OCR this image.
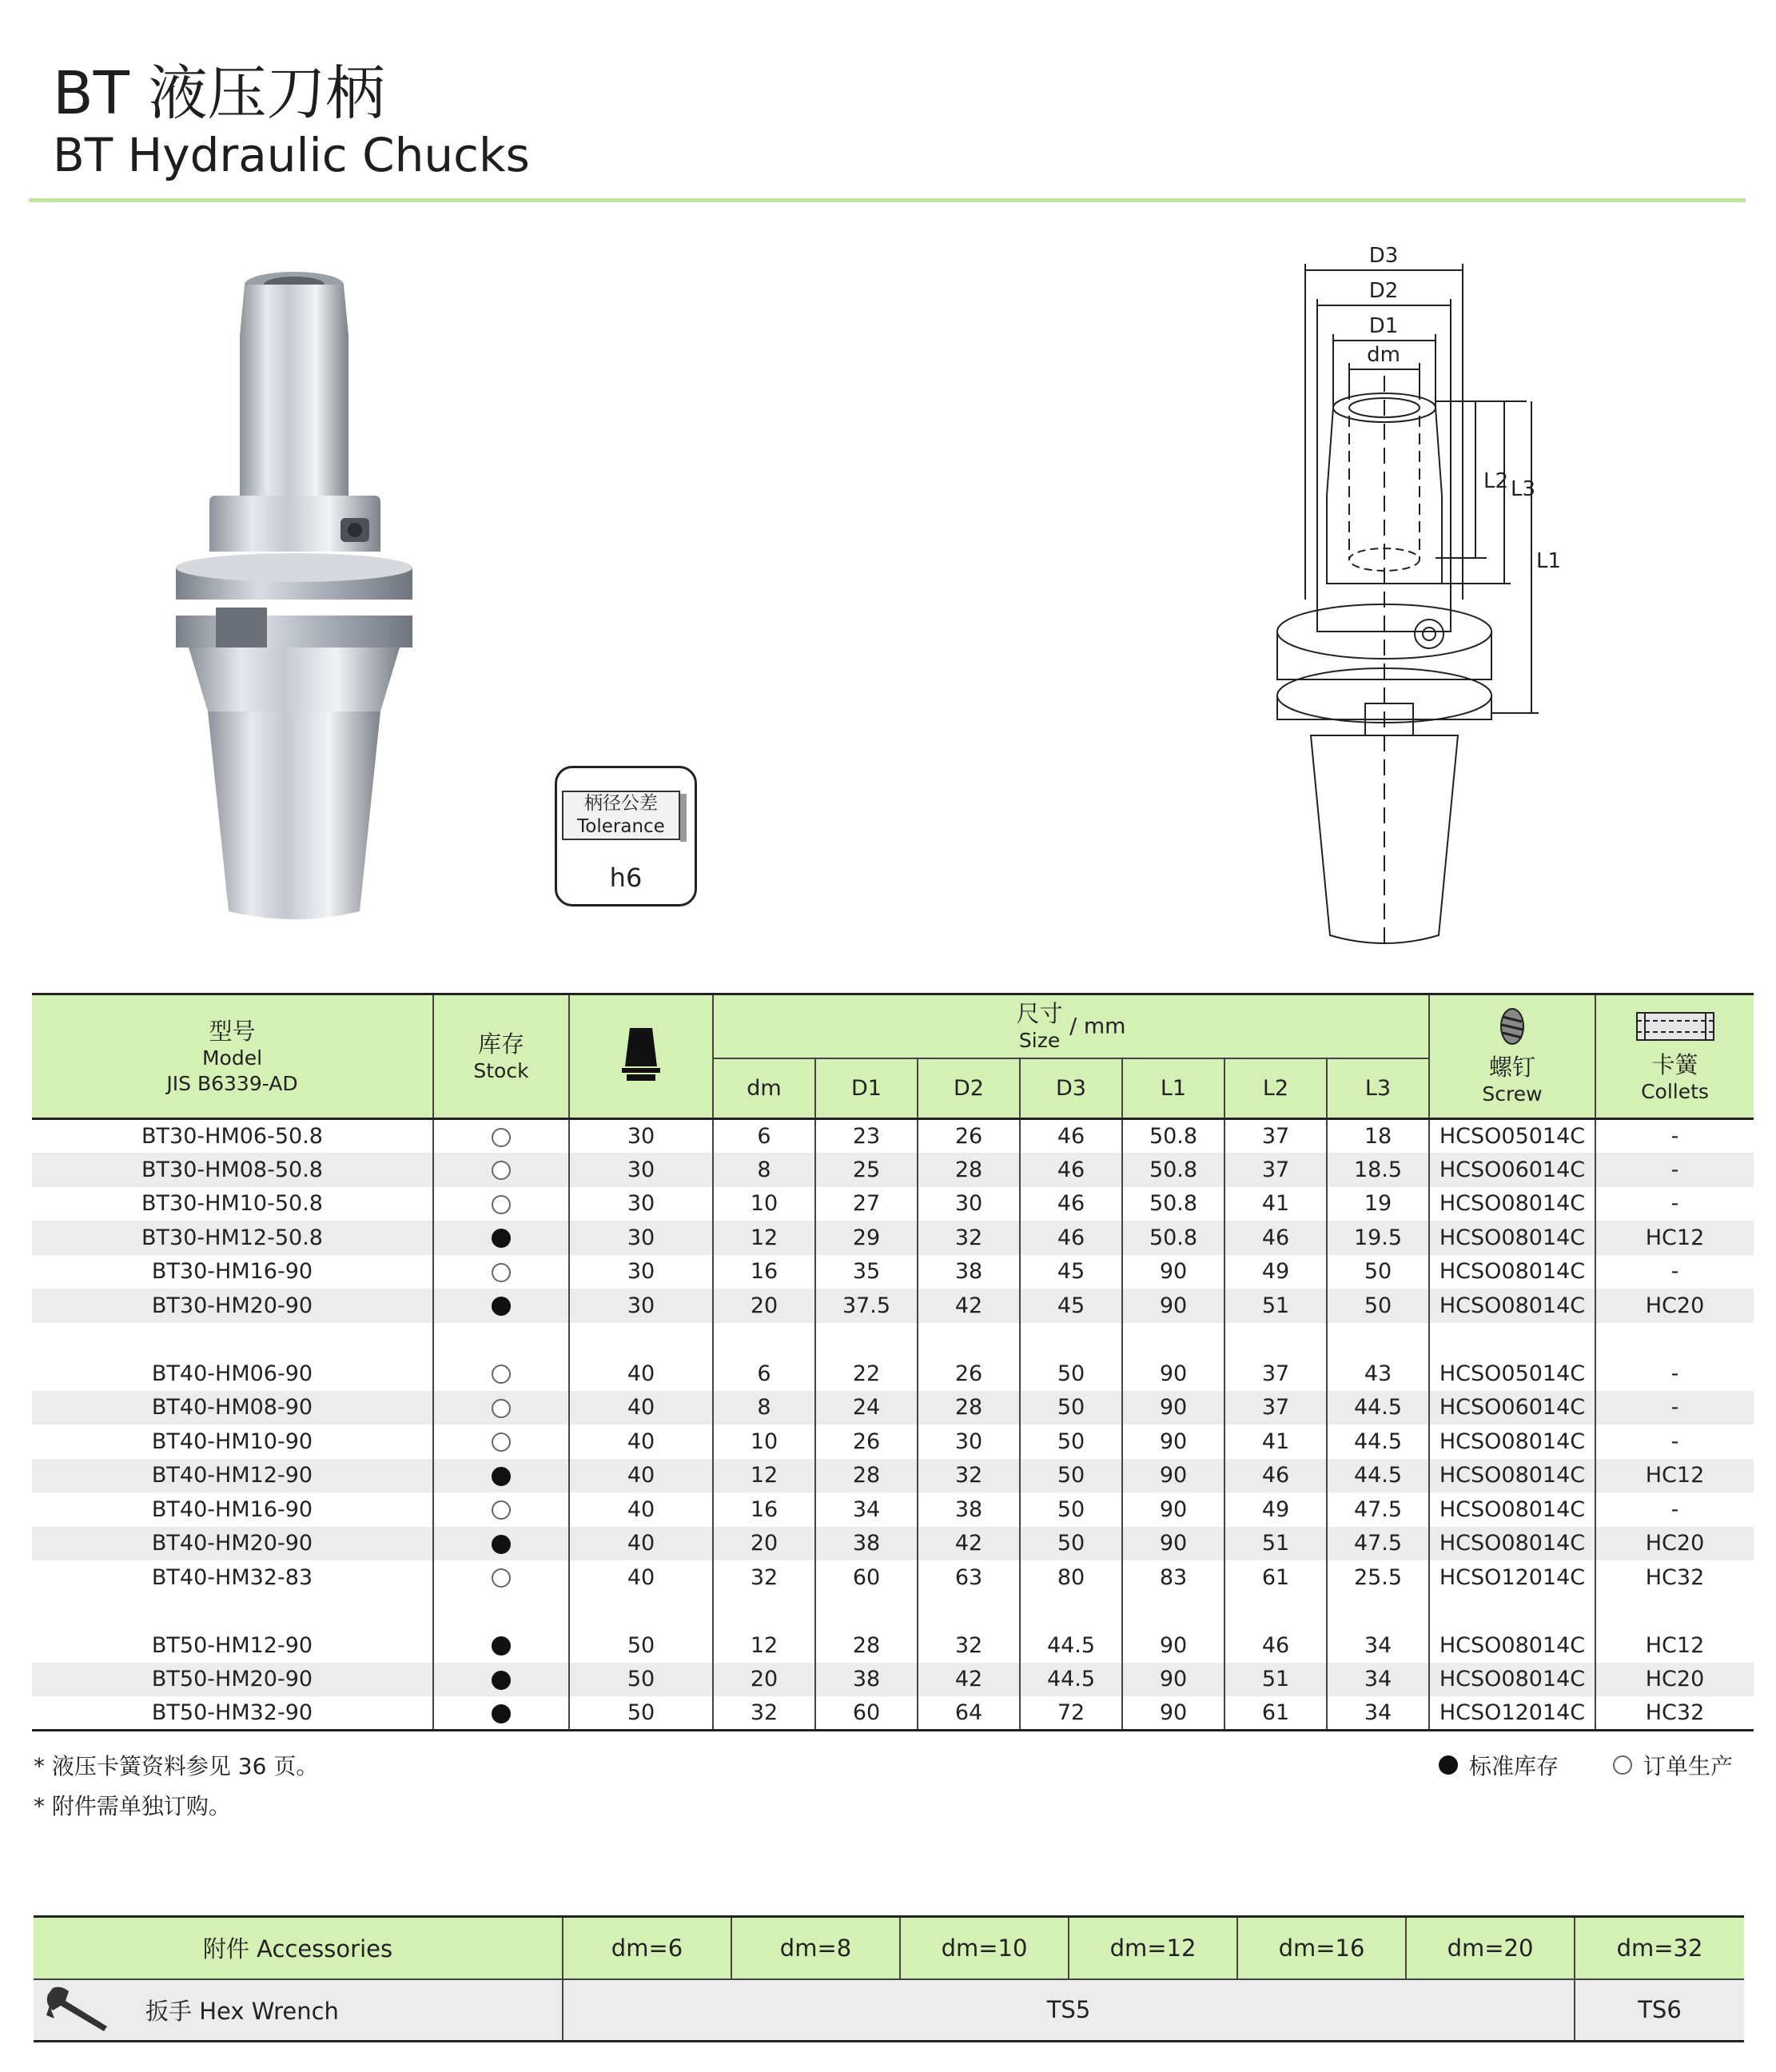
BT 液压刀柄
BT Hydraulic Chucks
柄径公差
Tolerance
h6
D3
D2
D1
dm
L2 L3
L1
型号
Model
JIS B6339-AD	库存
Stock		尺寸
Size
/ mm							螺钉
Screw	卡簧
Collets

			dm	D1	D2	D3	L1	L2	L3		
BT30-HM06-50.8		30	6	23	26	46	50.8	37	18	HCSO05014C	-
BT30-HM08-50.8		30	8	25	28	46	50.8	37	18.5	HCSO06014C	-
BT30-HM10-50.8		30	10	27	30	46	50.8	41	19	HCSO08014C	-
BT30-HM12-50.8		30	12	29	32	46	50.8	46	19.5	HCSO08014C	HC12
BT30-HM16-90		30	16	35	38	45	90	49	50	HCSO08014C	-
BT30-HM20-90		30	20	37.5	42	45	90	51	50	HCSO08014C	HC20

BT40-HM06-90		40	6	22	26	50	90	37	43	HCSO05014C	-
BT40-HM08-90		40	8	24	28	50	90	37	44.5	HCSO06014C	-
BT40-HM10-90		40	10	26	30	50	90	41	44.5	HCSO08014C	-
BT40-HM12-90		40	12	28	32	50	90	46	44.5	HCSO08014C	HC12
BT40-HM16-90		40	16	34	38	50	90	49	47.5	HCSO08014C	-
BT40-HM20-90		40	20	38	42	50	90	51	47.5	HCSO08014C	HC20
BT40-HM32-83		40	32	60	63	80	83	61	25.5	HCSO12014C	HC32

BT50-HM12-90		50	12	28	32	44.5	90	46	34	HCSO08014C	HC12
BT50-HM20-90		50	20	38	42	44.5	90	51	34	HCSO08014C	HC20
BT50-HM32-90		50	32	60	64	72	90	61	34	HCSO12014C	HC32
* 液压卡簧资料参见 36 页。
* 附件需单独订购。
标准库存	订单生产
附件 Accessories	dm=6	dm=8	dm=10	dm=12	dm=16	dm=20	dm=32

扳手 Hex Wrench	TS5						TS6
